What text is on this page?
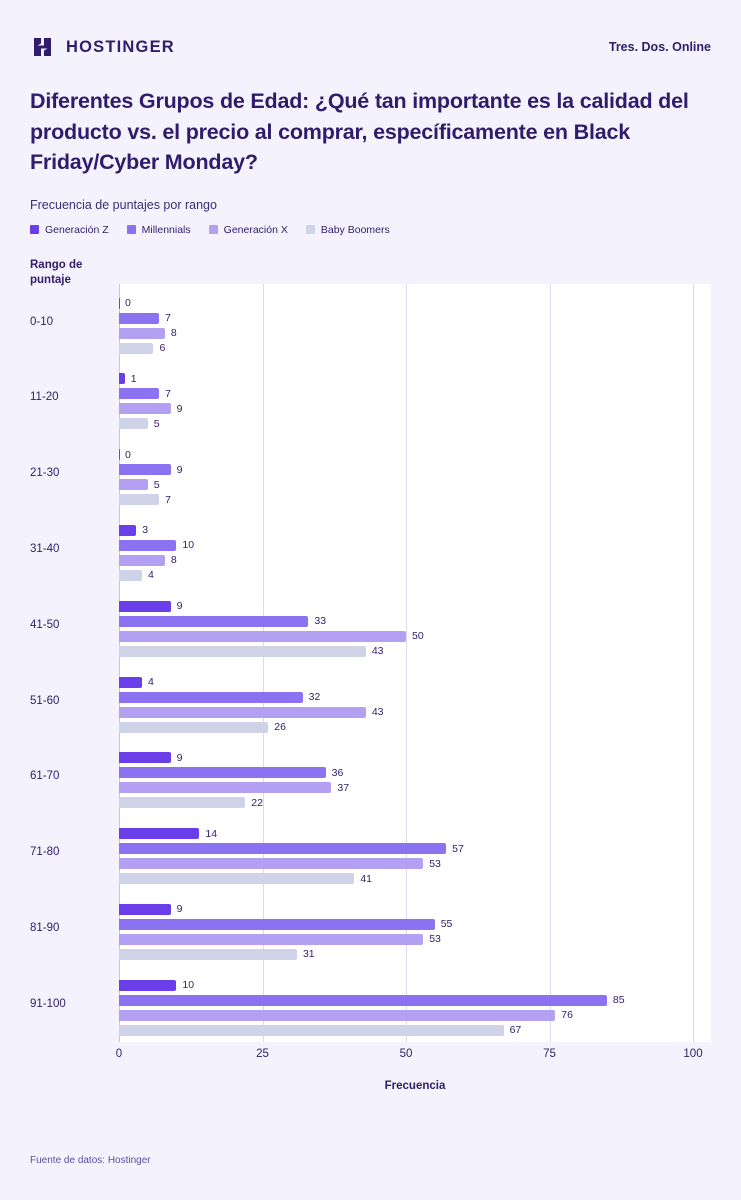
HOSTINGER	Tres. Dos. Online
Diferentes Grupos de Edad: ¿Qué tan importante es la calidad del producto vs. el precio al comprar, específicamente en Black Friday/Cyber Monday?
Frecuencia de puntajes por rango
Generación Z	Millennials	Generación X	Baby Boomers
Rango de puntaje
0-10
0
7
8
6
11-20
1
7
9
5
21-30
0
9
5
7
31-40
3
10
8
4
41-50
9
33
50
43
51-60
4
32
43
26
61-70
9
36
37
22
71-80
14
57
53
41
81-90
9
55
53
31
91-100
10
85
76
67
0	25	50	75	100
Frecuencia
Fuente de datos: Hostinger
